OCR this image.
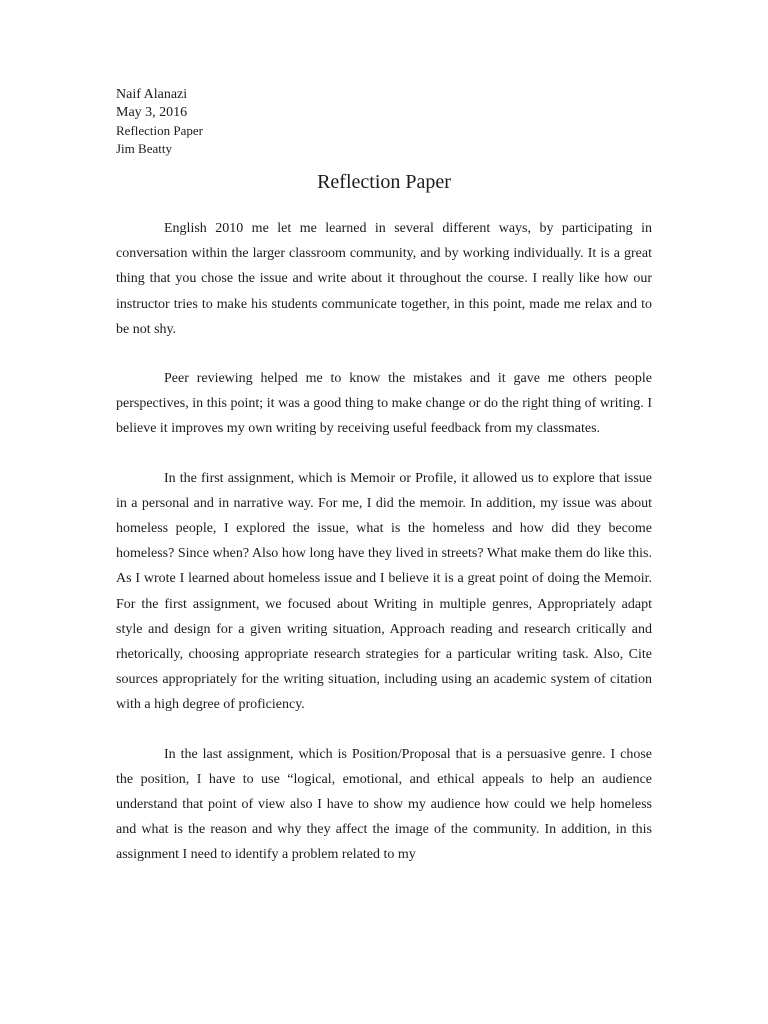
Naif Alanazi
May 3, 2016
Reflection Paper
Jim Beatty
Reflection Paper

English 2010 me let me learned in several different ways, by participating in conversation within the larger classroom community, and by working individually. It is a great thing that you chose the issue and write about it throughout the course. I really like how our instructor tries to make his students communicate together, in this point, made me relax and to be not shy.

Peer reviewing helped me to know the mistakes and it gave me others people perspectives, in this point; it was a good thing to make change or do the right thing of writing. I believe it improves my own writing by receiving useful feedback from my classmates.

In the first assignment, which is Memoir or Profile, it allowed us to explore that issue in a personal and in narrative way. For me, I did the memoir. In addition, my issue was about homeless people, I explored the issue, what is the homeless and how did they become homeless? Since when? Also how long have they lived in streets? What make them do like this. As I wrote I learned about homeless issue and I believe it is a great point of doing the Memoir. For the first assignment, we focused about Writing in multiple genres, Appropriately adapt style and design for a given writing situation, Approach reading and research critically and rhetorically, choosing appropriate research strategies for a particular writing task. Also, Cite sources appropriately for the writing situation, including using an academic system of citation with a high degree of proficiency.

In the last assignment, which is Position/Proposal that is a persuasive genre. I chose the position, I have to use “logical, emotional, and ethical appeals to help an audience understand that point of view also I have to show my audience how could we help homeless and what is the reason and why they affect the image of the community. In addition, in this assignment I need to identify a problem related to my
